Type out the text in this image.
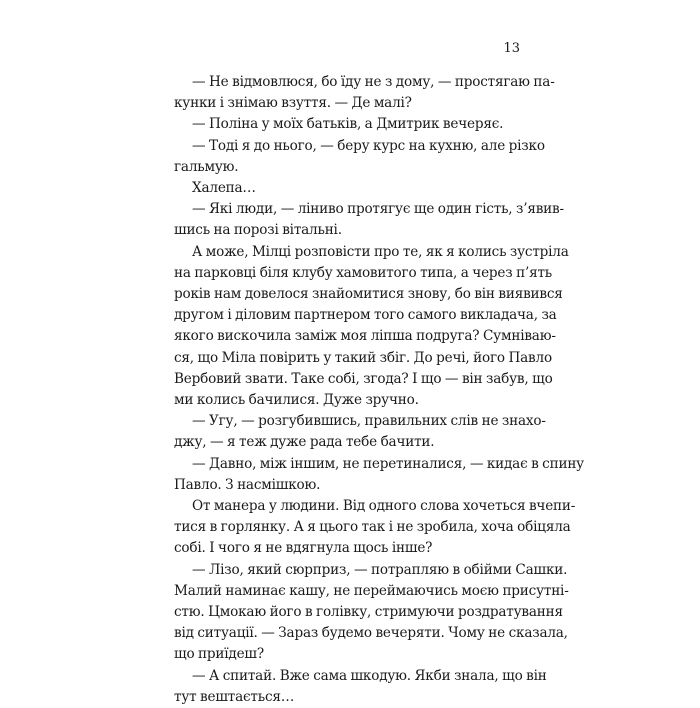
13
— Не відмовлюся, бо їду не з дому, — простягаю па-
кунки і знімаю взуття. — Де малі?
— Поліна у моїх батьків, а Дмитрик вечеряє.
— Тоді я до нього, — беру курс на кухню, але різко
гальмую.
Халепа…
— Які люди, — ліниво протягує ще один гість, з’явив-
шись на порозі вітальні.
А може, Мілці розповісти про те, як я колись зустріла
на парковці біля клубу хамовитого типа, а через п’ять
років нам довелося знайомитися знову, бо він виявився
другом і діловим партнером того самого викладача, за
якого вискочила заміж моя ліпша подруга? Сумніваю-
ся, що Міла повірить у такий збіг. До речі, його Павло
Вербовий звати. Таке собі, згода? І що — він забув, що
ми колись бачилися. Дуже зручно.
— Угу, — розгубившись, правильних слів не знахо-
джу, — я теж дуже рада тебе бачити.
— Давно, між іншим, не перетиналися, — кидає в спину
Павло. З насмішкою.
От манера у людини. Від одного слова хочеться вчепи-
тися в горлянку. А я цього так і не зробила, хоча обіцяла
собі. І чого я не вдягнула щось інше?
— Лізо, який сюрприз, — потрапляю в обійми Сашки.
Малий наминає кашу, не переймаючись моєю присутні-
стю. Цмокаю його в голівку, стримуючи роздратування
від ситуації. — Зараз будемо вечеряти. Чому не сказала,
що приїдеш?
— А спитай. Вже сама шкодую. Якби знала, що він
тут вештається…
